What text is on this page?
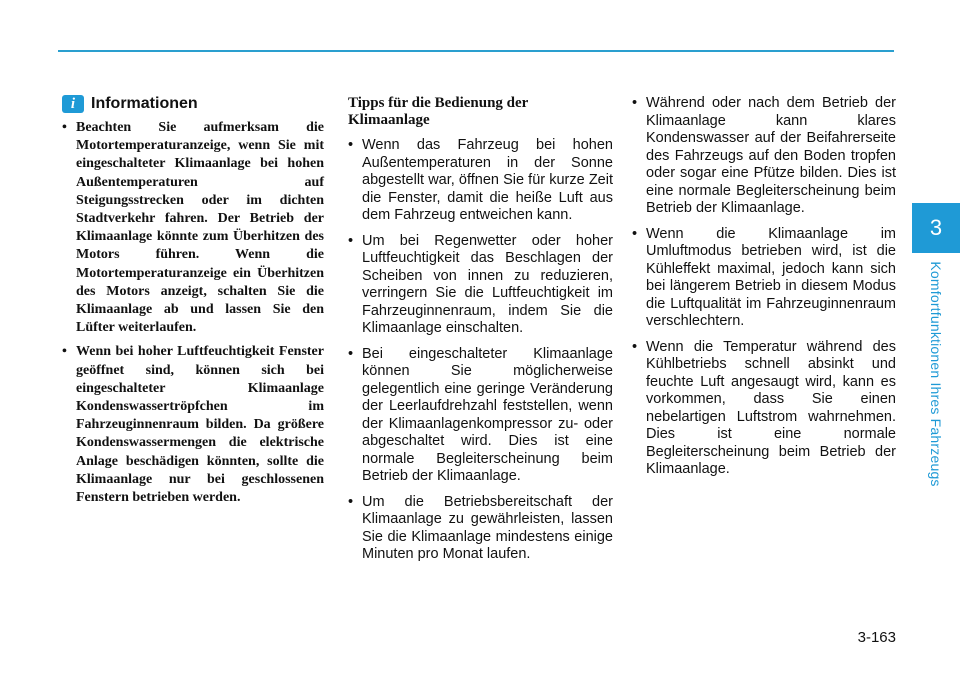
3
Komfortfunktionen Ihres Fahrzeugs
i Informationen
• Beachten Sie aufmerksam die Motortemperaturanzeige, wenn Sie mit eingeschalteter Klimaanlage bei hohen Außentemperaturen auf Steigungsstrecken oder im dichten Stadtverkehr fahren. Der Betrieb der Klimaanlage könnte zum Überhitzen des Motors führen. Wenn die Motortemperaturanzeige ein Überhitzen des Motors anzeigt, schalten Sie die Klimaanlage ab und lassen Sie den Lüfter weiterlaufen.
• Wenn bei hoher Luftfeuchtigkeit Fenster geöffnet sind, können sich bei eingeschalteter Klimaanlage Kondenswassertröpfchen im Fahrzeuginnenraum bilden. Da größere Kondenswassermengen die elektrische Anlage beschädigen könnten, sollte die Klimaanlage nur bei geschlossenen Fenstern betrieben werden.
Tipps für die Bedienung der Klimaanlage
• Wenn das Fahrzeug bei hohen Außentemperaturen in der Sonne abgestellt war, öffnen Sie für kurze Zeit die Fenster, damit die heiße Luft aus dem Fahrzeug entweichen kann.
• Um bei Regenwetter oder hoher Luftfeuchtigkeit das Beschlagen der Scheiben von innen zu reduzieren, verringern Sie die Luftfeuchtigkeit im Fahrzeuginnenraum, indem Sie die Klimaanlage einschalten.
• Bei eingeschalteter Klimaanlage können Sie möglicherweise gelegentlich eine geringe Veränderung der Leerlaufdrehzahl feststellen, wenn der Klimaanlagenkompressor zu- oder abgeschaltet wird. Dies ist eine normale Begleiterscheinung beim Betrieb der Klimaanlage.
• Um die Betriebsbereitschaft der Klimaanlage zu gewährleisten, lassen Sie die Klimaanlage mindestens einige Minuten pro Monat laufen.
• Während oder nach dem Betrieb der Klimaanlage kann klares Kondenswasser auf der Beifahrerseite des Fahrzeugs auf den Boden tropfen oder sogar eine Pfütze bilden. Dies ist eine normale Begleiterscheinung beim Betrieb der Klimaanlage.
• Wenn die Klimaanlage im Umluftmodus betrieben wird, ist die Kühleffekt maximal, jedoch kann sich bei längerem Betrieb in diesem Modus die Luftqualität im Fahrzeuginnenraum verschlechtern.
• Wenn die Temperatur während des Kühlbetriebs schnell absinkt und feuchte Luft angesaugt wird, kann es vorkommen, dass Sie einen nebelartigen Luftstrom wahrnehmen. Dies ist eine normale Begleiterscheinung beim Betrieb der Klimaanlage.
3-163
